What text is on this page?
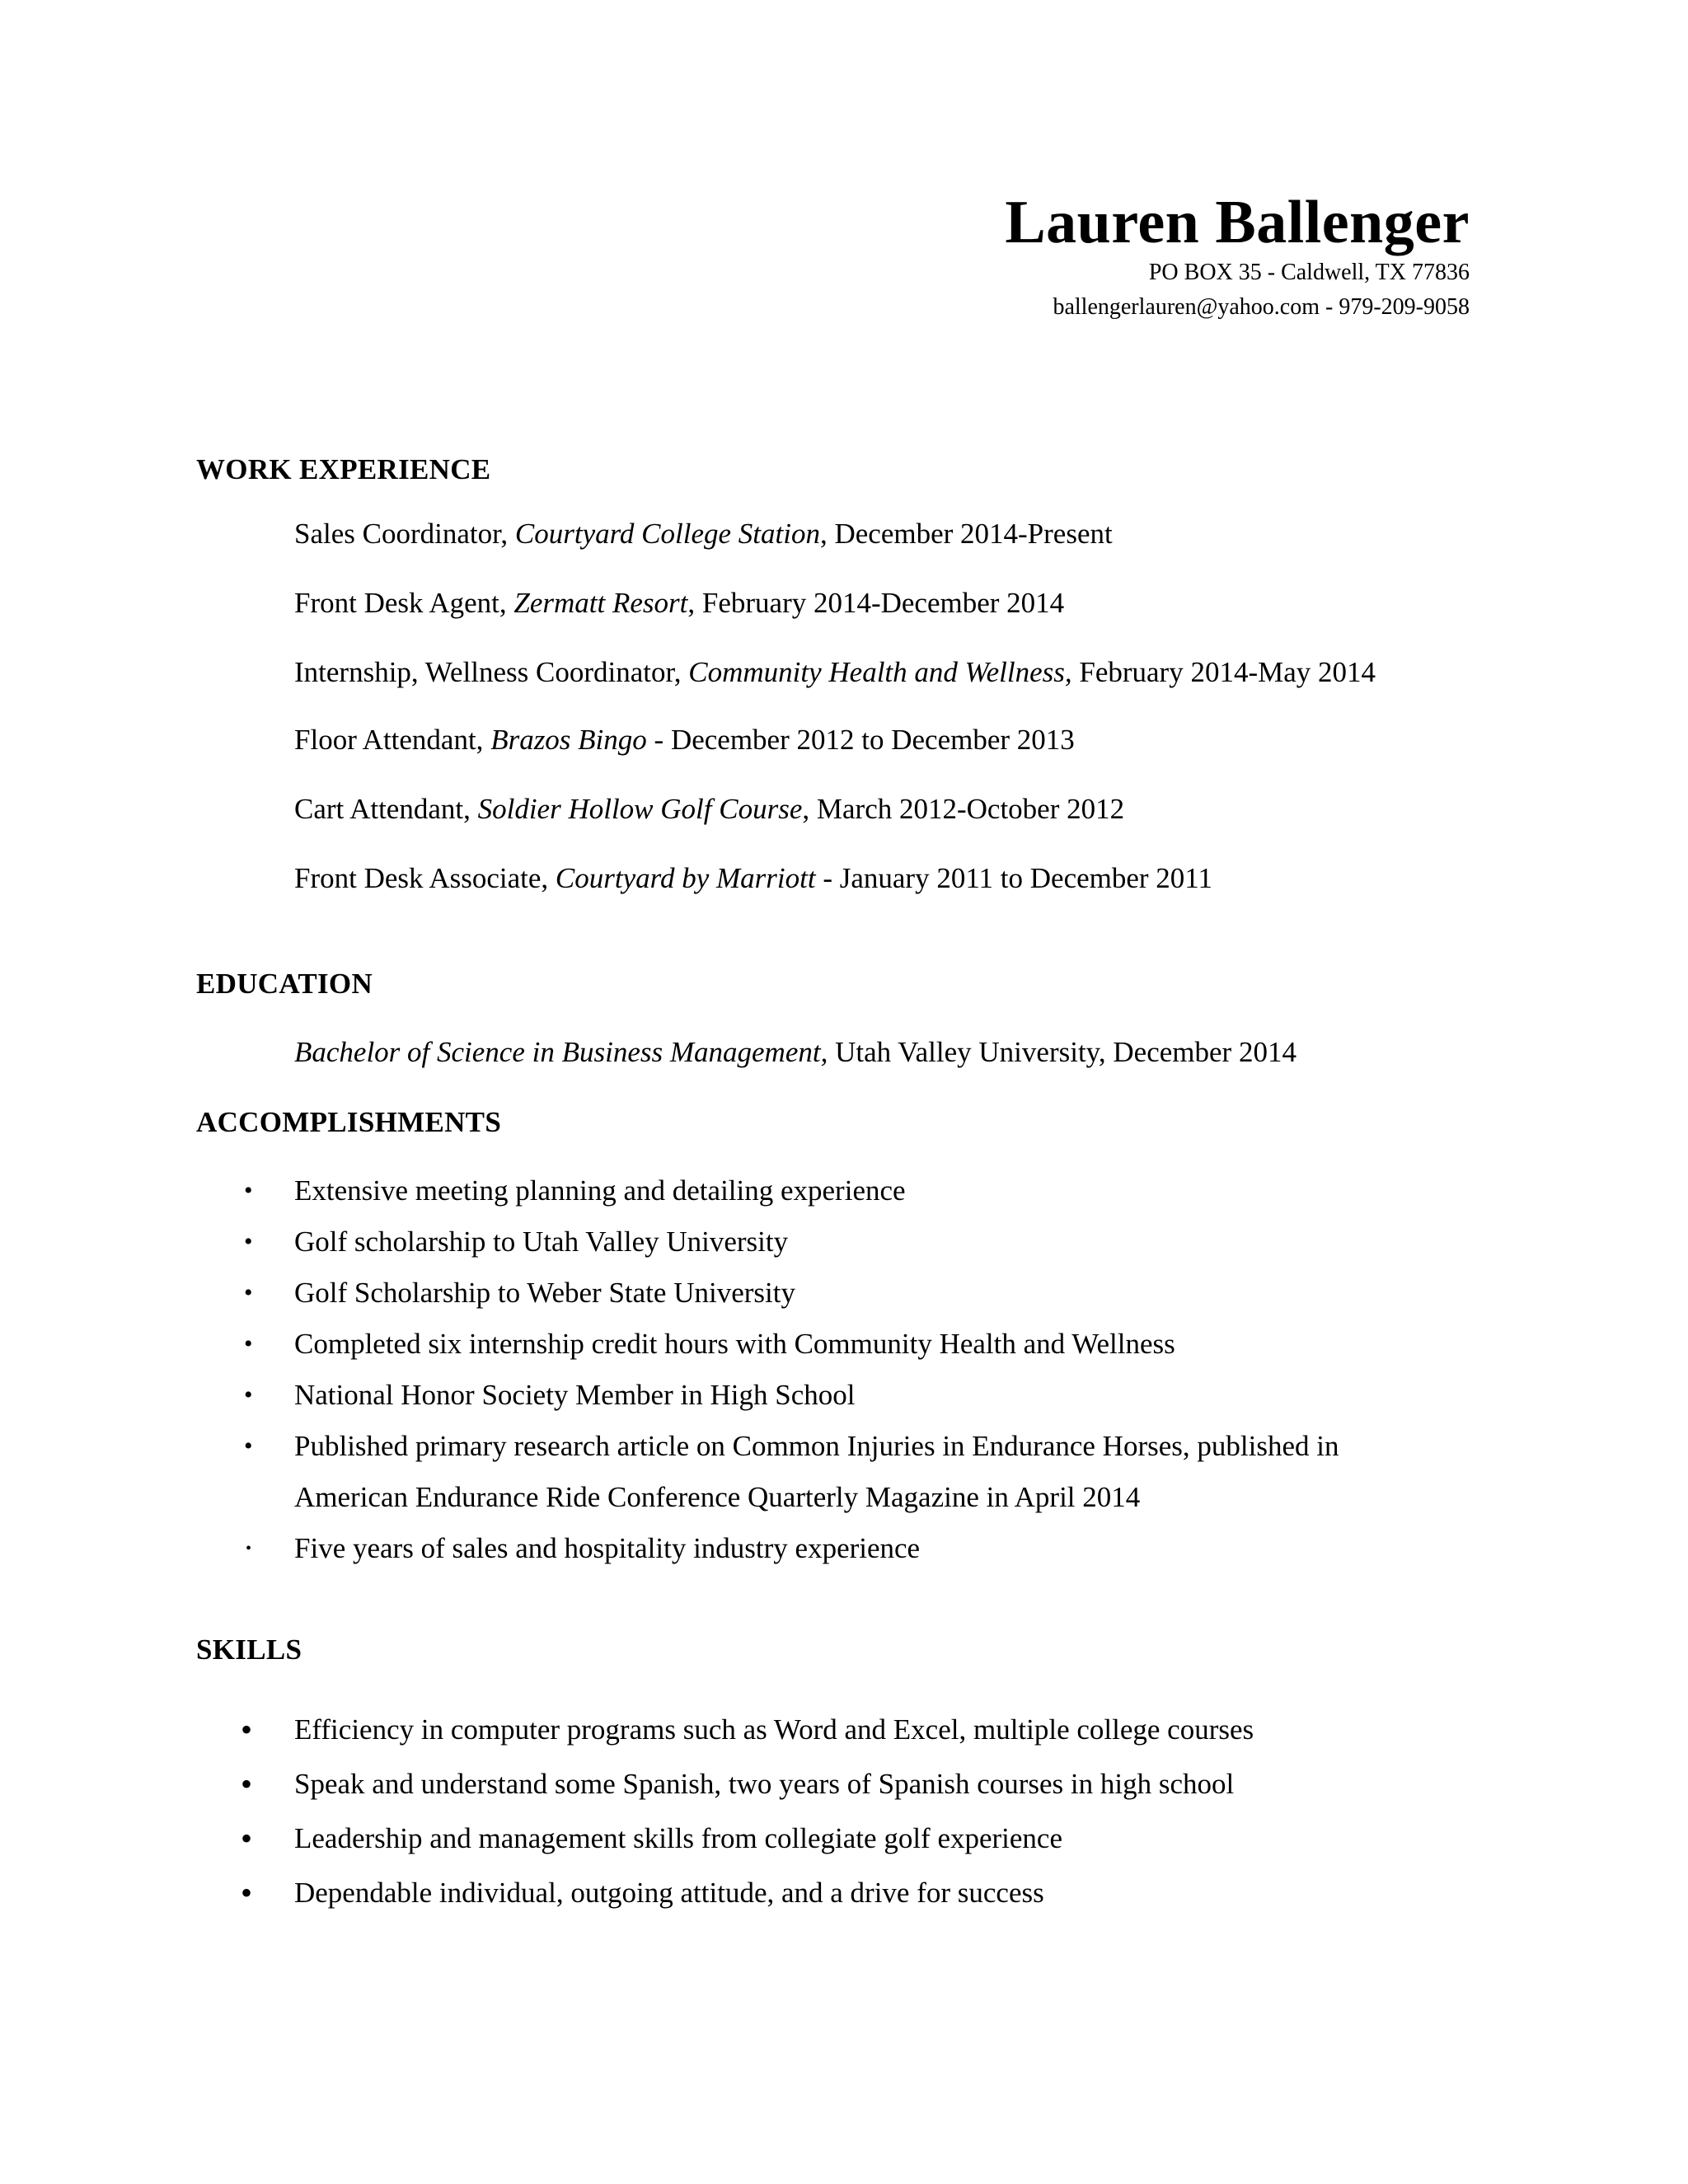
Lauren Ballenger
PO BOX 35 - Caldwell, TX 77836
ballengerlauren@yahoo.com - 979-209-9058
WORK EXPERIENCE
Sales Coordinator, Courtyard College Station, December 2014-Present
Front Desk Agent, Zermatt Resort, February 2014-December 2014
Internship, Wellness Coordinator, Community Health and Wellness, February 2014-May 2014
Floor Attendant, Brazos Bingo - December 2012 to December 2013
Cart Attendant, Soldier Hollow Golf Course, March 2012-October 2012
Front Desk Associate, Courtyard by Marriott - January 2011 to December 2011
EDUCATION
Bachelor of Science in Business Management, Utah Valley University, December 2014
ACCOMPLISHMENTS
• Extensive meeting planning and detailing experience
• Golf scholarship to Utah Valley University
• Golf Scholarship to Weber State University
• Completed six internship credit hours with Community Health and Wellness
• National Honor Society Member in High School
• Published primary research article on Common Injuries in Endurance Horses, published in
American Endurance Ride Conference Quarterly Magazine in April 2014
• Five years of sales and hospitality industry experience
SKILLS
• Efficiency in computer programs such as Word and Excel, multiple college courses
• Speak and understand some Spanish, two years of Spanish courses in high school
• Leadership and management skills from collegiate golf experience
• Dependable individual, outgoing attitude, and a drive for success
